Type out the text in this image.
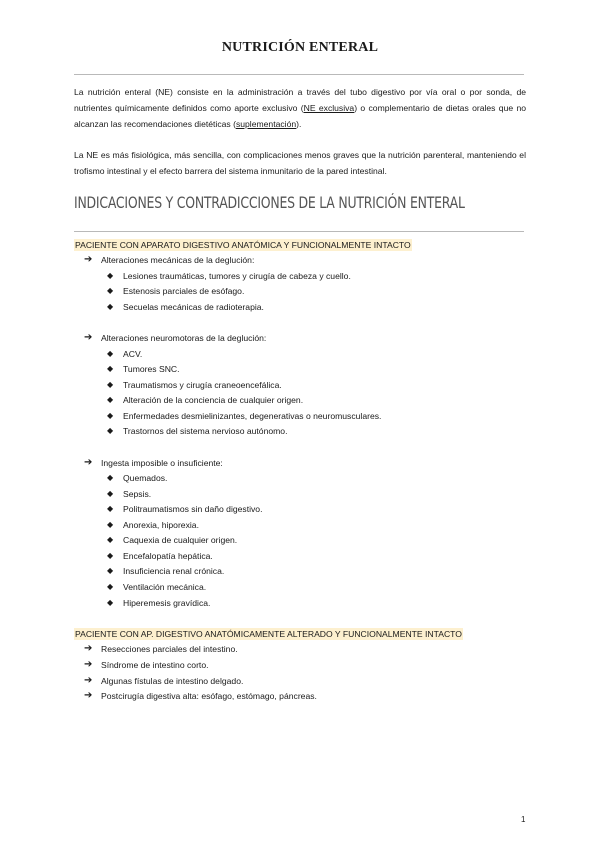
NUTRICIÓN ENTERAL
La nutrición enteral (NE) consiste en la administración a través del tubo digestivo por vía oral o por sonda, de nutrientes químicamente definidos como aporte exclusivo (NE exclusiva) o complementario de dietas orales que no alcanzan las recomendaciones dietéticas (suplementación).
La NE es más fisiológica, más sencilla, con complicaciones menos graves que la nutrición parenteral, manteniendo el trofismo intestinal y el efecto barrera del sistema inmunitario de la pared intestinal.
INDICACIONES Y CONTRADICCIONES DE LA NUTRICIÓN ENTERAL
PACIENTE CON APARATO DIGESTIVO ANATÓMICA Y FUNCIONALMENTE INTACTO
➔ Alteraciones mecánicas de la deglución:
◆ Lesiones traumáticas, tumores y cirugía de cabeza y cuello.
◆ Estenosis parciales de esófago.
◆ Secuelas mecánicas de radioterapia.
➔ Alteraciones neuromotoras de la deglución:
◆ ACV.
◆ Tumores SNC.
◆ Traumatismos y cirugía craneoencefálica.
◆ Alteración de la conciencia de cualquier origen.
◆ Enfermedades desmielinizantes, degenerativas o neuromusculares.
◆ Trastornos del sistema nervioso autónomo.
➔ Ingesta imposible o insuficiente:
◆ Quemados.
◆ Sepsis.
◆ Politraumatismos sin daño digestivo.
◆ Anorexia, hiporexia.
◆ Caquexia de cualquier origen.
◆ Encefalopatía hepática.
◆ Insuficiencia renal crónica.
◆ Ventilación mecánica.
◆ Hiperemesis gravídica.
PACIENTE CON AP. DIGESTIVO ANATÓMICAMENTE ALTERADO Y FUNCIONALMENTE INTACTO
➔ Resecciones parciales del intestino.
➔ Síndrome de intestino corto.
➔ Algunas fístulas de intestino delgado.
➔ Postcirugía digestiva alta: esófago, estómago, páncreas.
1
